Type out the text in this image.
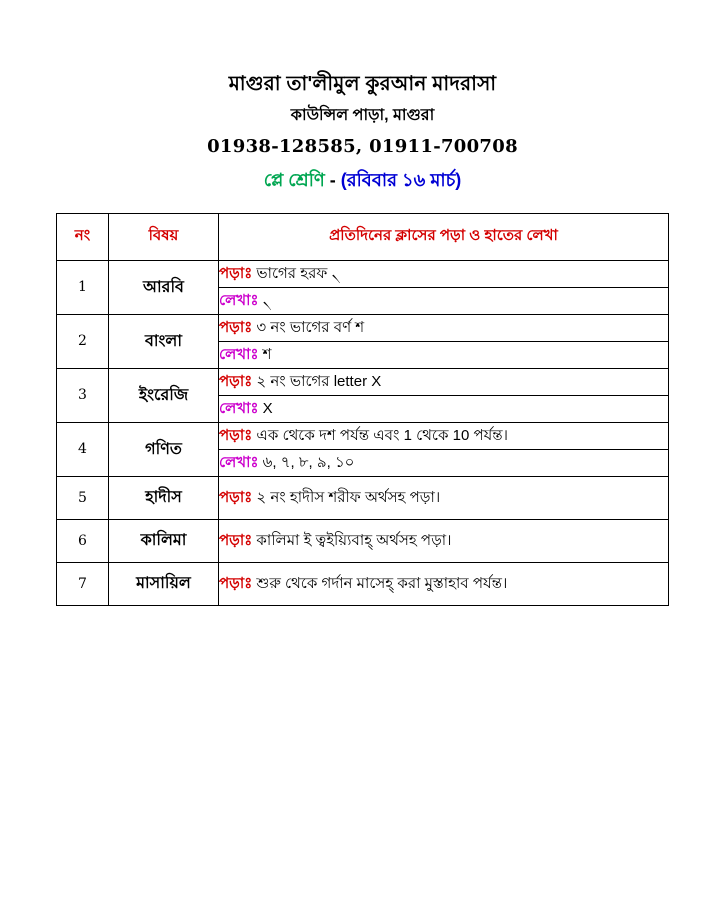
মাগুরা তা'লীমুল কুরআন মাদরাসা
কাউন্সিল পাড়া, মাগুরা
01938-128585, 01911-700708
প্লে শ্রেণি - (রবিবার ১৬ মার্চ)
নং	বিষয়	প্রতিদিনের ক্লাসের পড়া ও হাতের লেখা
1	আরবি	পড়াঃ ভাগের হরফ ৲
		লেখাঃ ৲
2	বাংলা	পড়াঃ ৩ নং ভাগের বর্ণ শ
		লেখাঃ শ
3	ইংরেজি	পড়াঃ ২ নং ভাগের letter X
		লেখাঃ X
4	গণিত	পড়াঃ এক থেকে দশ পর্যন্ত এবং 1 থেকে 10 পর্যন্ত।
		লেখাঃ ৬, ৭, ৮, ৯, ১০
5	হাদীস	পড়াঃ ২ নং হাদীস শরীফ অর্থসহ পড়া।
6	কালিমা	পড়াঃ কালিমা ই ত্বইয়্যিবাহ্ অর্থসহ পড়া।
7	মাসায়িল	পড়াঃ শুরু থেকে গর্দান মাসেহ্ করা মুস্তাহাব পর্যন্ত।
